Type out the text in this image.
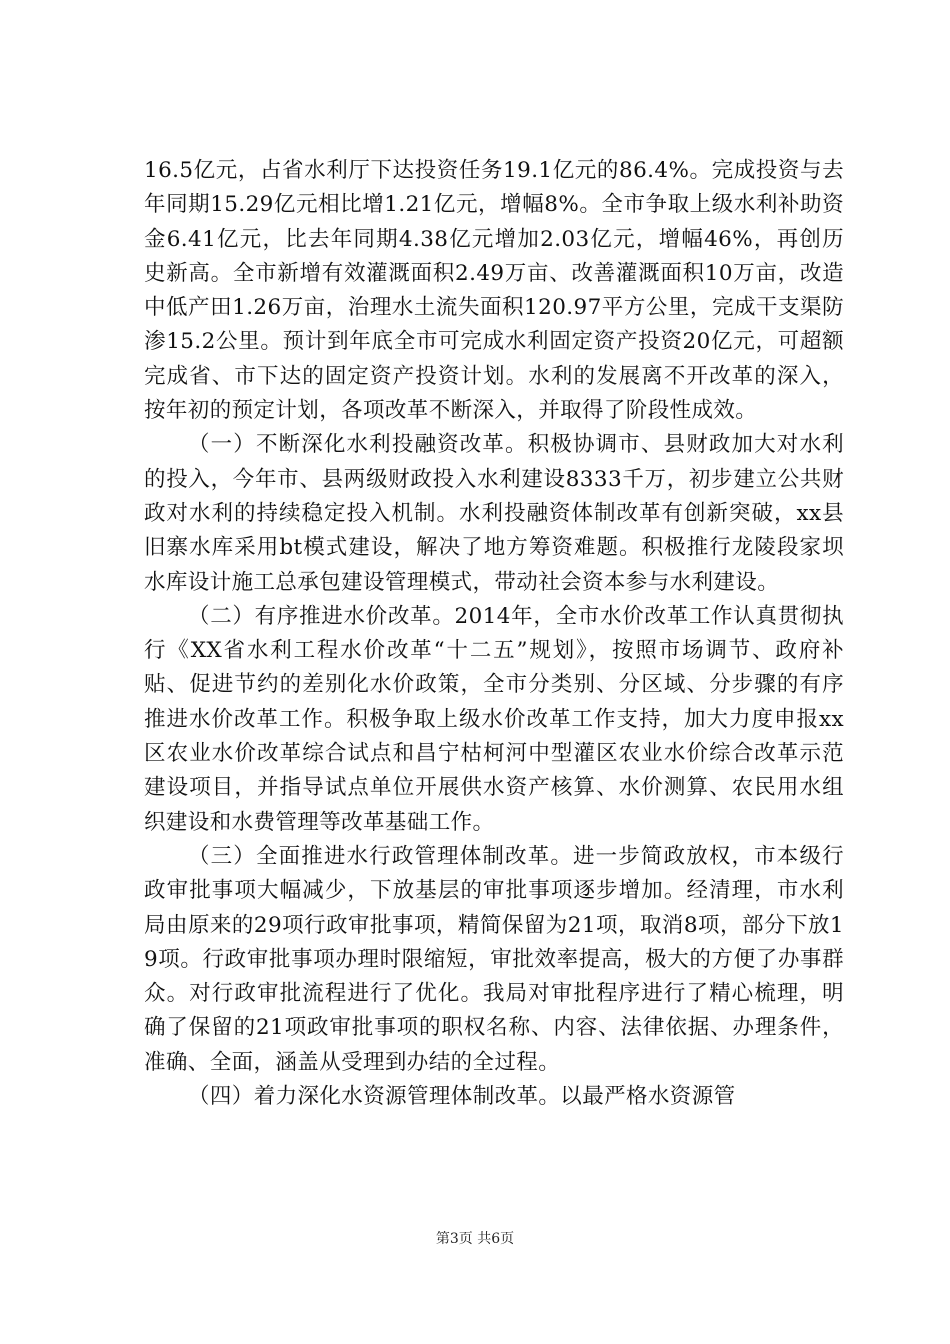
16.5亿元，占省水利厅下达投资任务19.1亿元的86.4%。完成投资与去年同期15.29亿元相比增1.21亿元，增幅8%。全市争取上级水利补助资金6.41亿元，比去年同期4.38亿元增加2.03亿元，增幅46%，再创历史新高。全市新增有效灌溉面积2.49万亩、改善灌溉面积10万亩，改造中低产田1.26万亩，治理水土流失面积120.97平方公里，完成干支渠防渗15.2公里。预计到年底全市可完成水利固定资产投资20亿元，可超额完成省、市下达的固定资产投资计划。水利的发展离不开改革的深入，按年初的预定计划，各项改革不断深入，并取得了阶段性成效。

（一）不断深化水利投融资改革。积极协调市、县财政加大对水利的投入，今年市、县两级财政投入水利建设8333千万，初步建立公共财政对水利的持续稳定投入机制。水利投融资体制改革有创新突破，xx县旧寨水库采用bt模式建设，解决了地方筹资难题。积极推行龙陵段家坝水库设计施工总承包建设管理模式，带动社会资本参与水利建设。

（二）有序推进水价改革。2014年，全市水价改革工作认真贯彻执行《XX省水利工程水价改革“十二五”规划》，按照市场调节、政府补贴、促进节约的差别化水价政策，全市分类别、分区域、分步骤的有序推进水价改革工作。积极争取上级水价改革工作支持，加大力度申报xx区农业水价改革综合试点和昌宁枯柯河中型灌区农业水价综合改革示范建设项目，并指导试点单位开展供水资产核算、水价测算、农民用水组织建设和水费管理等改革基础工作。

（三）全面推进水行政管理体制改革。进一步简政放权，市本级行政审批事项大幅减少，下放基层的审批事项逐步增加。经清理，市水利局由原来的29项行政审批事项，精简保留为21项，取消8项，部分下放19项。行政审批事项办理时限缩短，审批效率提高，极大的方便了办事群众。对行政审批流程进行了优化。我局对审批程序进行了精心梳理，明确了保留的21项政审批事项的职权名称、内容、法律依据、办理条件，准确、全面，涵盖从受理到办结的全过程。

（四）着力深化水资源管理体制改革。以最严格水资源管

第3页 共6页
